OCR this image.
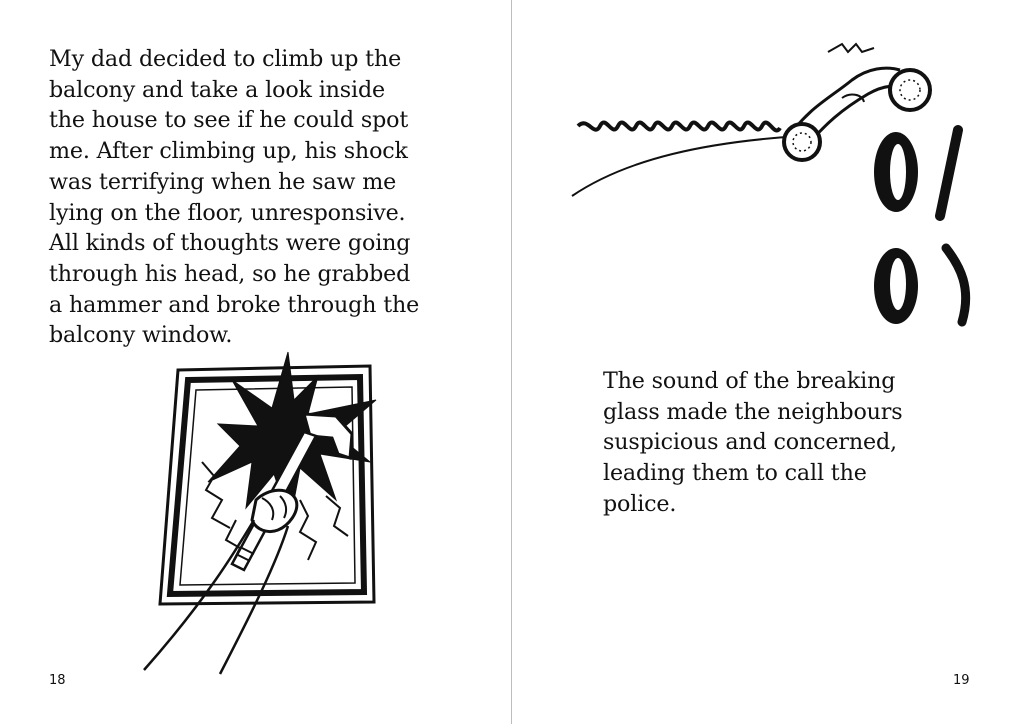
My dad decided to climb up the
balcony and take a look inside
the house to see if he could spot
me. After climbing up, his shock
was terrifying when he saw me
lying on the floor, unresponsive.
All kinds of thoughts were going
through his head, so he grabbed
a hammer and broke through the
balcony window.
18
The sound of the breaking
glass made the neighbours
suspicious and concerned,
leading them to call the
police.
19
